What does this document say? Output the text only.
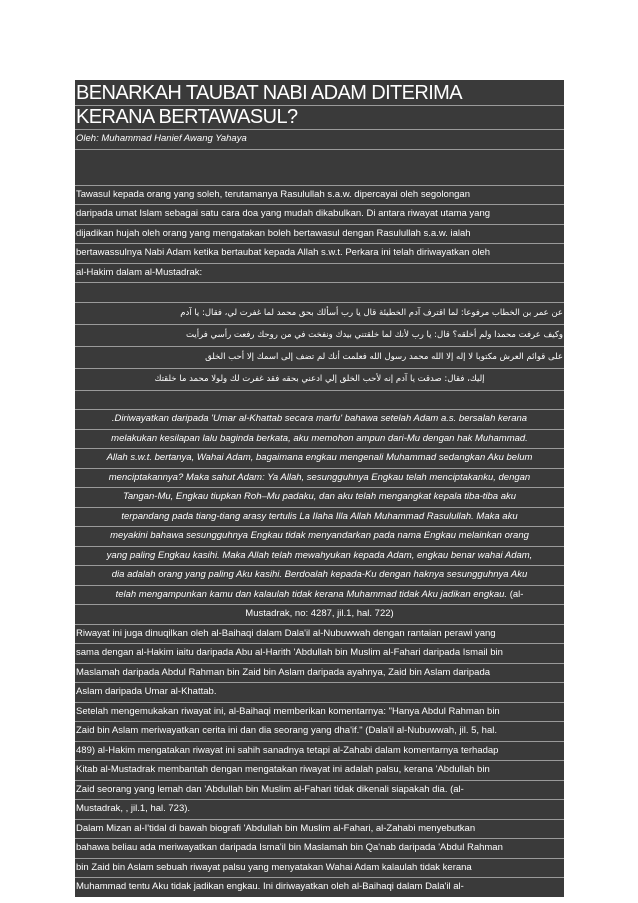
BENARKAH TAUBAT NABI ADAM DITERIMA
KERANA BERTAWASUL?
Oleh: Muhammad Hanief Awang Yahaya
Tawasul kepada orang yang soleh, terutamanya Rasulullah s.a.w. dipercayai oleh segolongan
daripada umat Islam sebagai satu cara doa yang mudah dikabulkan. Di antara riwayat utama yang
dijadikan hujah oleh orang yang mengatakan boleh bertawasul dengan Rasulullah s.a.w. ialah
bertawassulnya Nabi Adam ketika bertaubat kepada Allah s.w.t. Perkara ini telah diriwayatkan oleh
al-Hakim dalam al-Mustadrak:
عن عمر بن الخطاب مرفوعا: لما اقترف آدم الخطيئة قال يا رب أسألك بحق محمد لما غفرت لي، فقال: يا آدم
وكيف عرفت محمدا ولم أخلقه؟ قال: يا رب لأنك لما خلقتني بيدك ونفخت في من روحك رفعت رأسي فرأيت
على قوائم العرش مكتوبا لا إله إلا الله محمد رسول الله فعلمت أنك لم تضف إلى اسمك إلا أحب الخلق
إليك، فقال: صدقت يا آدم إنه لأحب الخلق إلي ادعني بحقه فقد غفرت لك ولولا محمد ما خلقتك
.Diriwayatkan daripada 'Umar al-Khattab secara marfu' bahawa setelah Adam a.s. bersalah kerana
melakukan kesilapan lalu baginda berkata, aku memohon ampun dari-Mu dengan hak Muhammad.
Allah s.w.t. bertanya, Wahai Adam, bagaimana engkau mengenali Muhammad sedangkan Aku belum
menciptakannya? Maka sahut Adam: Ya Allah, sesungguhnya Engkau telah menciptakanku, dengan
Tangan-Mu, Engkau tiupkan Roh–Mu padaku, dan aku telah mengangkat kepala tiba-tiba aku
terpandang pada tiang-tiang arasy tertulis La Ilaha Illa Allah Muhammad Rasulullah. Maka aku
meyakini bahawa sesungguhnya Engkau tidak menyandarkan pada nama Engkau melainkan orang
yang paling Engkau kasihi. Maka Allah telah mewahyukan kepada Adam, engkau benar wahai Adam,
dia adalah orang yang paling Aku kasihi. Berdoalah kepada-Ku dengan haknya sesungguhnya Aku
telah mengampunkan kamu dan kalaulah tidak kerana Muhammad tidak Aku jadikan engkau. (al-
Mustadrak, no: 4287, jil.1, hal. 722)
Riwayat ini juga dinuqilkan oleh al-Baihaqi dalam Dala'il al-Nubuwwah dengan rantaian perawi yang
sama dengan al-Hakim iaitu daripada Abu al-Harith 'Abdullah bin Muslim al-Fahari daripada Ismail bin
Maslamah daripada Abdul Rahman bin Zaid bin Aslam daripada ayahnya, Zaid bin Aslam daripada
Aslam daripada Umar al-Khattab.
Setelah mengemukakan riwayat ini, al-Baihaqi memberikan komentarnya: "Hanya Abdul Rahman bin
Zaid bin Aslam meriwayatkan cerita ini dan dia seorang yang dha'if." (Dala'il al-Nubuwwah, jil. 5, hal.
489) al-Hakim mengatakan riwayat ini sahih sanadnya tetapi al-Zahabi dalam komentarnya terhadap
Kitab al-Mustadrak membantah dengan mengatakan riwayat ini adalah palsu, kerana 'Abdullah bin
Zaid seorang yang lemah dan 'Abdullah bin Muslim al-Fahari tidak dikenali siapakah dia. (al-
Mustadrak, , jil.1, hal. 723).
Dalam Mizan al-I'tidal di bawah biografi 'Abdullah bin Muslim al-Fahari, al-Zahabi menyebutkan
bahawa beliau ada meriwayatkan daripada Isma'il bin Maslamah bin Qa'nab daripada 'Abdul Rahman
bin Zaid bin Aslam sebuah riwayat palsu yang menyatakan Wahai Adam kalaulah tidak kerana
Muhammad tentu Aku tidak jadikan engkau. Ini diriwayatkan oleh al-Baihaqi dalam Dala'il al-
